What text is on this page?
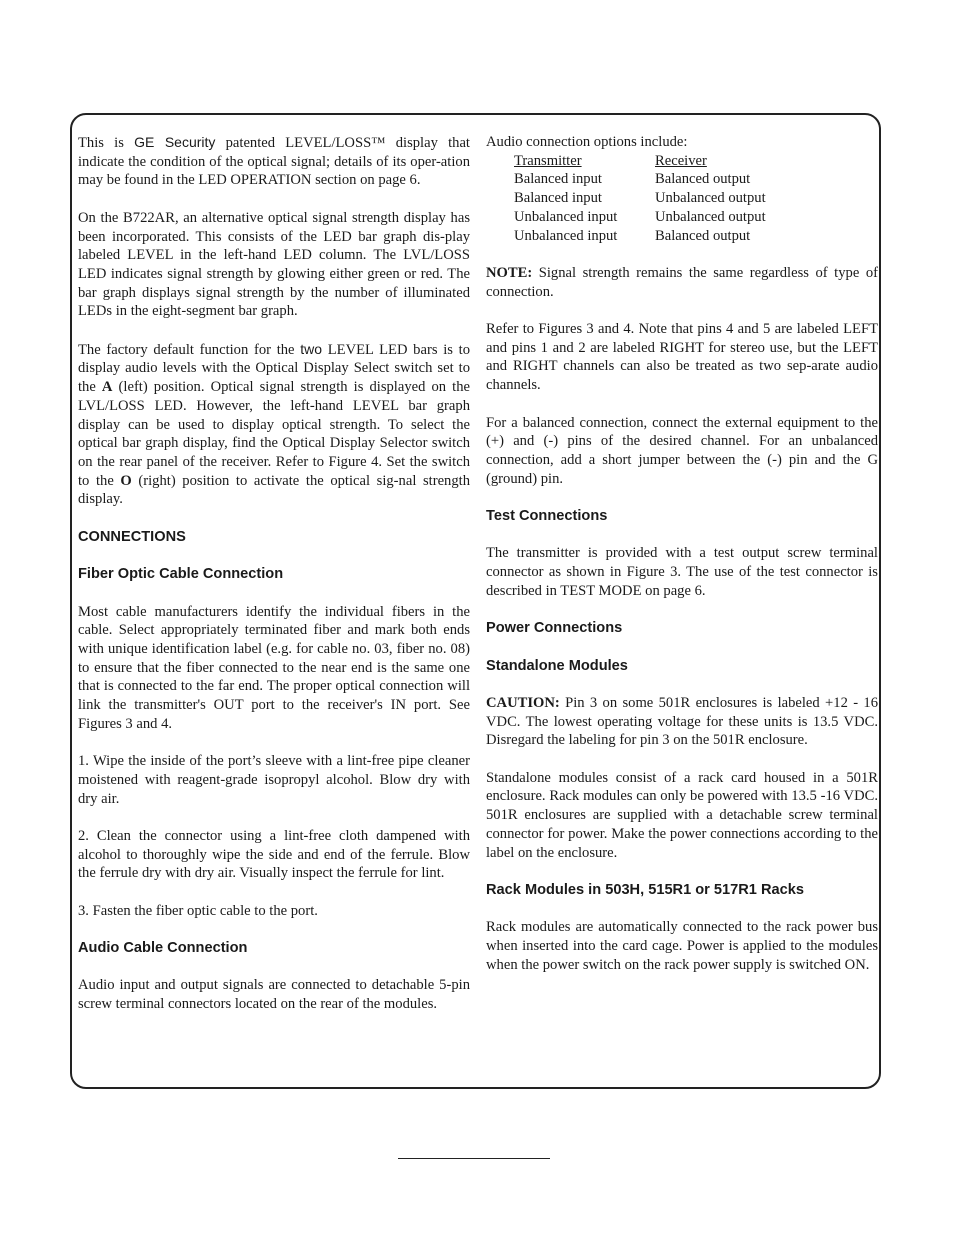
This is GE Security patented LEVEL/LOSS™ display that indicate the condition of the optical signal; details of its oper-ation may be found in the LED OPERATION section on page 6.

On the B722AR, an alternative optical signal strength display has been incorporated. This consists of the LED bar graph dis-play labeled LEVEL in the left-hand LED column. The LVL/LOSS LED indicates signal strength by glowing either green or red. The bar graph displays signal strength by the number of illuminated LEDs in the eight-segment bar graph.

The factory default function for the two LEVEL LED bars is to display audio levels with the Optical Display Select switch set to the A (left) position. Optical signal strength is displayed on the LVL/LOSS LED. However, the left-hand LEVEL bar graph display can be used to display optical strength. To select the optical bar graph display, find the Optical Display Selector switch on the rear panel of the receiver. Refer to Figure 4. Set the switch to the O (right) position to activate the optical sig-nal strength display.

CONNECTIONS
Fiber Optic Cable Connection

Most cable manufacturers identify the individual fibers in the cable. Select appropriately terminated fiber and mark both ends with unique identification label (e.g. for cable no. 03, fiber no. 08) to ensure that the fiber connected to the near end is the same one that is connected to the far end. The proper optical connection will link the transmitter's OUT port to the receiver's IN port. See Figures 3 and 4.

1. Wipe the inside of the port’s sleeve with a lint-free pipe cleaner moistened with reagent-grade isopropyl alcohol. Blow dry with dry air.

2. Clean the connector using a lint-free cloth dampened with alcohol to thoroughly wipe the side and end of the ferrule. Blow the ferrule dry with dry air. Visually inspect the ferrule for lint.

3. Fasten the fiber optic cable to the port.

Audio Cable Connection

Audio input and output signals are connected to detachable 5-pin screw terminal connectors located on the rear of the modules.

Audio connection options include:
Transmitter	Receiver
Balanced input	Balanced output
Balanced input	Unbalanced output
Unbalanced input	Unbalanced output
Unbalanced input	Balanced output

NOTE: Signal strength remains the same regardless of type of connection.

Refer to Figures 3 and 4. Note that pins 4 and 5 are labeled LEFT and pins 1 and 2 are labeled RIGHT for stereo use, but the LEFT and RIGHT channels can also be treated as two sep-arate audio channels.

For a balanced connection, connect the external equipment to the (+) and (-) pins of the desired channel. For an unbalanced connection, add a short jumper between the (-) pin and the G (ground) pin.

Test Connections

The transmitter is provided with a test output screw terminal connector as shown in Figure 3. The use of the test connector is described in TEST MODE on page 6.

Power Connections
Standalone Modules

CAUTION: Pin 3 on some 501R enclosures is labeled +12 - 16 VDC. The lowest operating voltage for these units is 13.5 VDC. Disregard the labeling for pin 3 on the 501R enclosure.

Standalone modules consist of a rack card housed in a 501R enclosure. Rack modules can only be powered with 13.5 -16 VDC. 501R enclosures are supplied with a detachable screw terminal connector for power. Make the power connections according to the label on the enclosure.

Rack Modules in 503H, 515R1 or 517R1 Racks

Rack modules are automatically connected to the rack power bus when inserted into the card cage. Power is applied to the modules when the power switch on the rack power supply is switched ON.
